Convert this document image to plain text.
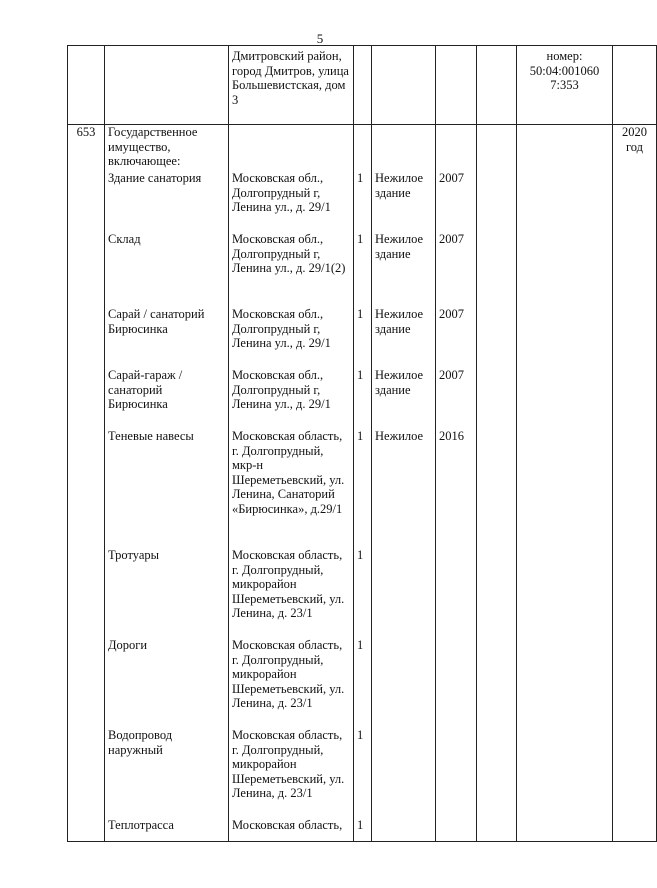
5
		Дмитровский район, город Дмитров, улица Большевистская, дом 3					номер: 50:04:001060 7:353	
653	Государственное имущество, включающее:							2020 год
	Здание санатория	Московская обл., Долгопрудный г, Ленина ул., д. 29/1	1	Нежилое здание	2007			
	Склад	Московская обл., Долгопрудный г, Ленина ул., д. 29/1(2)	1	Нежилое здание	2007			
	Сарай / санаторий Бирюсинка	Московская обл., Долгопрудный г, Ленина ул., д. 29/1	1	Нежилое здание	2007			
	Сарай-гараж / санаторий Бирюсинка	Московская обл., Долгопрудный г, Ленина ул., д. 29/1	1	Нежилое здание	2007			
	Теневые навесы	Московская область, г. Долгопрудный, мкр-н Шереметьевский, ул. Ленина, Санаторий «Бирюсинка», д.29/1	1	Нежилое	2016			
	Тротуары	Московская область, г. Долгопрудный, микрорайон Шереметьевский, ул. Ленина, д. 23/1	1					
	Дороги	Московская область, г. Долгопрудный, микрорайон Шереметьевский, ул. Ленина, д. 23/1	1					
	Водопровод наружный	Московская область, г. Долгопрудный, микрорайон Шереметьевский, ул. Ленина, д. 23/1	1					
	Теплотрасса	Московская область,	1					
